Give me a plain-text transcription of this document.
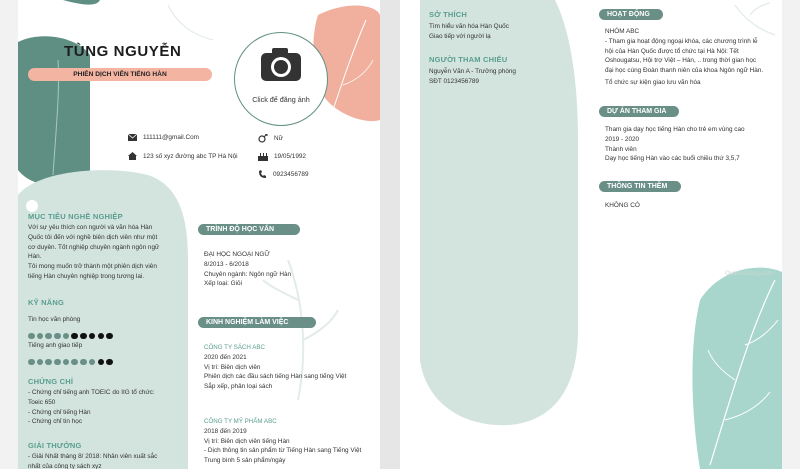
TÙNG NGUYỄN
PHIÊN DỊCH VIÊN TIẾNG HÀN
Click để đăng ảnh
111111@gmail.Com
123 số xyz đường abc TP Hà Nội
Nữ
19/05/1992
0923456789
MỤC TIÊU NGHỀ NGHIỆP
Với sự yêu thích con người và văn hóa Hàn
Quốc tôi đến với nghề biên dịch viên như một
cơ duyên. Tốt nghiệp chuyên ngành ngôn ngữ
Hàn.
Tôi mong muốn trở thành một phiên dịch viên
tiếng Hàn chuyên nghiệp trong tương lai.
KỸ NĂNG
Tin học văn phòng
Tiếng anh giao tiếp
CHỨNG CHỈ
- Chứng chỉ tiếng anh TOEIC do IIG tổ chức:
Toeic 650
- Chứng chỉ tiếng Hàn
- Chứng chỉ tin học
GIẢI THƯỞNG
- Giải Nhất tháng 8/ 2018: Nhân viên xuất sắc
nhất của công ty sách xyz
TRÌNH ĐỘ HỌC VẤN
ĐẠI HỌC NGOẠI NGỮ
8/2013 - 6/2018
Chuyên ngành: Ngôn ngữ Hàn
Xếp loại: Giỏi
KINH NGHIỆM LÀM VIỆC
CÔNG TY SÁCH ABC
2020 đến 2021
Vị trí: Biên dịch viên
Phiên dịch các đầu sách tiếng Hàn sang tiếng Việt
Sắp xếp, phân loại sách
CÔNG TY MỸ PHẨM ABC
2018 đến 2019
Vị trí: Biên dịch viên tiếng Hàn
- Dịch thông tin sản phẩm từ Tiếng Hàn sang Tiếng Việt
Trung bình 5 sản phẩm/ngày
SỞ THÍCH
Tìm hiểu văn hóa Hàn Quốc
Giao tiếp với người lạ
NGƯỜI THAM CHIẾU
Nguyễn Văn A - Trưởng phòng
SĐT 0123456789
HOẠT ĐỘNG
NHÓM ABC
- Tham gia hoạt động ngoại khóa, các chương trình lễ
hội của Hàn Quốc được tổ chức tại Hà Nội: Tết
Oshougatsu, Hội trợ Việt – Hàn, .. trong thời gian học
đại học cùng Đoàn thanh niên của khoa Ngôn ngữ Hàn.
Tổ chức sự kiện giao lưu văn hóa
DỰ ÁN THAM GIA
Tham gia dạy học tiếng Hàn cho trẻ em vùng cao
2019 - 2020
Thành viên
Dạy học tiếng Hàn vào các buổi chiều thứ 3,5,7
THÔNG TIN THÊM
KHÔNG CÓ
Quantrimang.com
